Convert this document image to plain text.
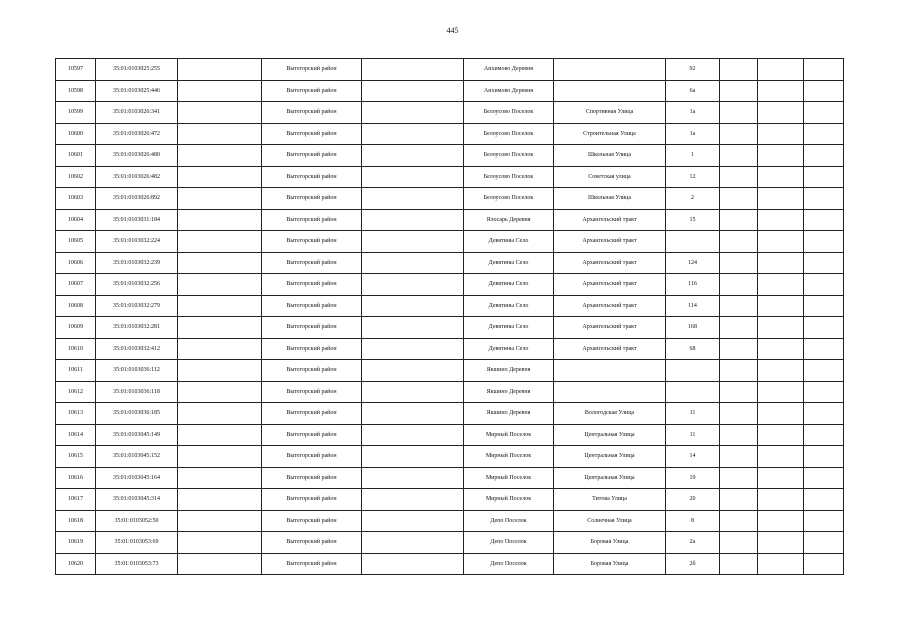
445
10597	35:01:0103025:255		Вытегорский район		Анхимово Деревня		92			
10598	35:01:0103025:446		Вытегорский район		Анхимово Деревня		6а			
10599	35:01:0103026:341		Вытегорский район		Белоусово Поселок	Спортивная Улица	1а			
10600	35:01:0103026:472		Вытегорский район		Белоусово Поселок	Строительная Улица	1а			
10601	35:01:0103026:480		Вытегорский район		Белоусово Поселок	Школьная Улица	1			
10602	35:01:0103026:482		Вытегорский район		Белоусово Поселок	Советская улица	12			
10603	35:01:0103026:892		Вытегорский район		Белоусово Поселок	Школьная Улица	2			
10604	35:01:0103031:184		Вытегорский район		Ялосарь Деревня	Архангельский тракт	15			
10605	35:01:0103032:224		Вытегорский район		Девятины Село	Архангельский тракт				
10606	35:01:0103032:239		Вытегорский район		Девятины Село	Архангельский тракт	124			
10607	35:01:0103032:256		Вытегорский район		Девятины Село	Архангельский тракт	116			
10608	35:01:0103032:279		Вытегорский район		Девятины Село	Архангельский тракт	114			
10609	35:01:0103032:281		Вытегорский район		Девятины Село	Архангельский тракт	168			
10610	35:01:0103032:412		Вытегорский район		Девятины Село	Архангельский тракт	68			
10611	35:01:0103036:112		Вытегорский район		Якшино Деревня					
10612	35:01:0103036:118		Вытегорский район		Якшино Деревня					
10613	35:01:0103036:185		Вытегорский район		Якшино Деревня	Вологодская Улица	11			
10614	35:01:0103045:149		Вытегорский район		Мирный Поселок	Центральная Улица	11			
10615	35:01:0103045:152		Вытегорский район		Мирный Поселок	Центральная Улица	14			
10616	35:01:0103045:164		Вытегорский район		Мирный Поселок	Центральная Улица	19			
10617	35:01:0103045:314		Вытегорский район		Мирный Поселок	Титова Улица	20			
10618	35:01:0103052:50		Вытегорский район		Депо Поселок	Солнечная Улица	8			
10619	35:01:0103053:69		Вытегорский район		Депо Поселок	Боровая Улица	2а			
10620	35:01:0103053:73		Вытегорский район		Депо Поселок	Боровая Улица	2б			
